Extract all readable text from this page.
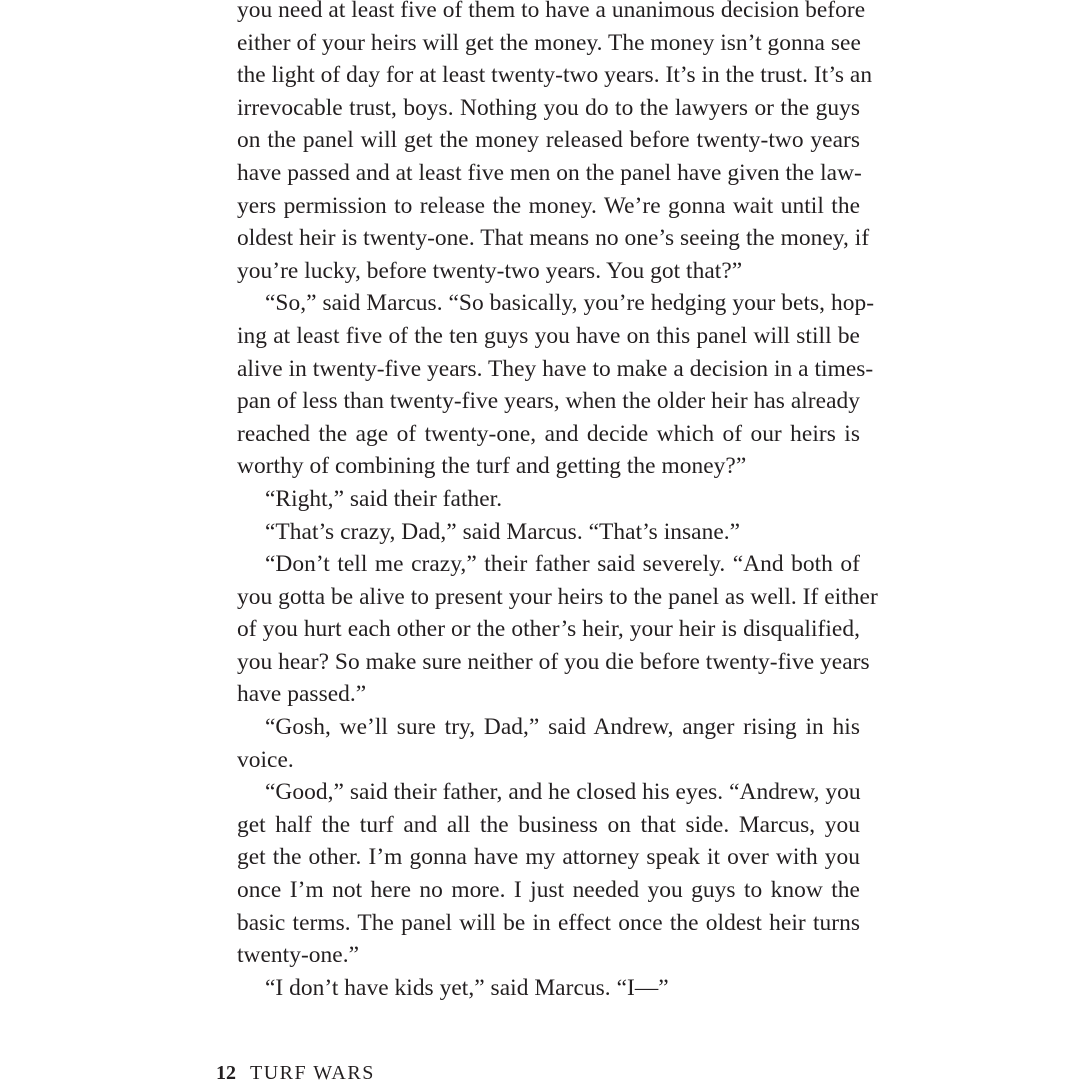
you need at least five of them to have a unanimous decision before
either of your heirs will get the money. The money isn’t gonna see
the light of day for at least twenty-two years. It’s in the trust. It’s an
irrevocable trust, boys. Nothing you do to the lawyers or the guys
on the panel will get the money released before twenty-two years
have passed and at least five men on the panel have given the law-
yers permission to release the money. We’re gonna wait until the
oldest heir is twenty-one. That means no one’s seeing the money, if
you’re lucky, before twenty-two years. You got that?”
“So,” said Marcus. “So basically, you’re hedging your bets, hop-
ing at least five of the ten guys you have on this panel will still be
alive in twenty-five years. They have to make a decision in a times-
pan of less than twenty-five years, when the older heir has already
reached the age of twenty-one, and decide which of our heirs is
worthy of combining the turf and getting the money?”
“Right,” said their father.
“That’s crazy, Dad,” said Marcus. “That’s insane.”
“Don’t tell me crazy,” their father said severely. “And both of
you gotta be alive to present your heirs to the panel as well. If either
of you hurt each other or the other’s heir, your heir is disqualified,
you hear? So make sure neither of you die before twenty-five years
have passed.”
“Gosh, we’ll sure try, Dad,” said Andrew, anger rising in his
voice.
“Good,” said their father, and he closed his eyes. “Andrew, you
get half the turf and all the business on that side. Marcus, you
get the other. I’m gonna have my attorney speak it over with you
once I’m not here no more. I just needed you guys to know the
basic terms. The panel will be in effect once the oldest heir turns
twenty-one.”
“I don’t have kids yet,” said Marcus. “I—”
12 TURF WARS
